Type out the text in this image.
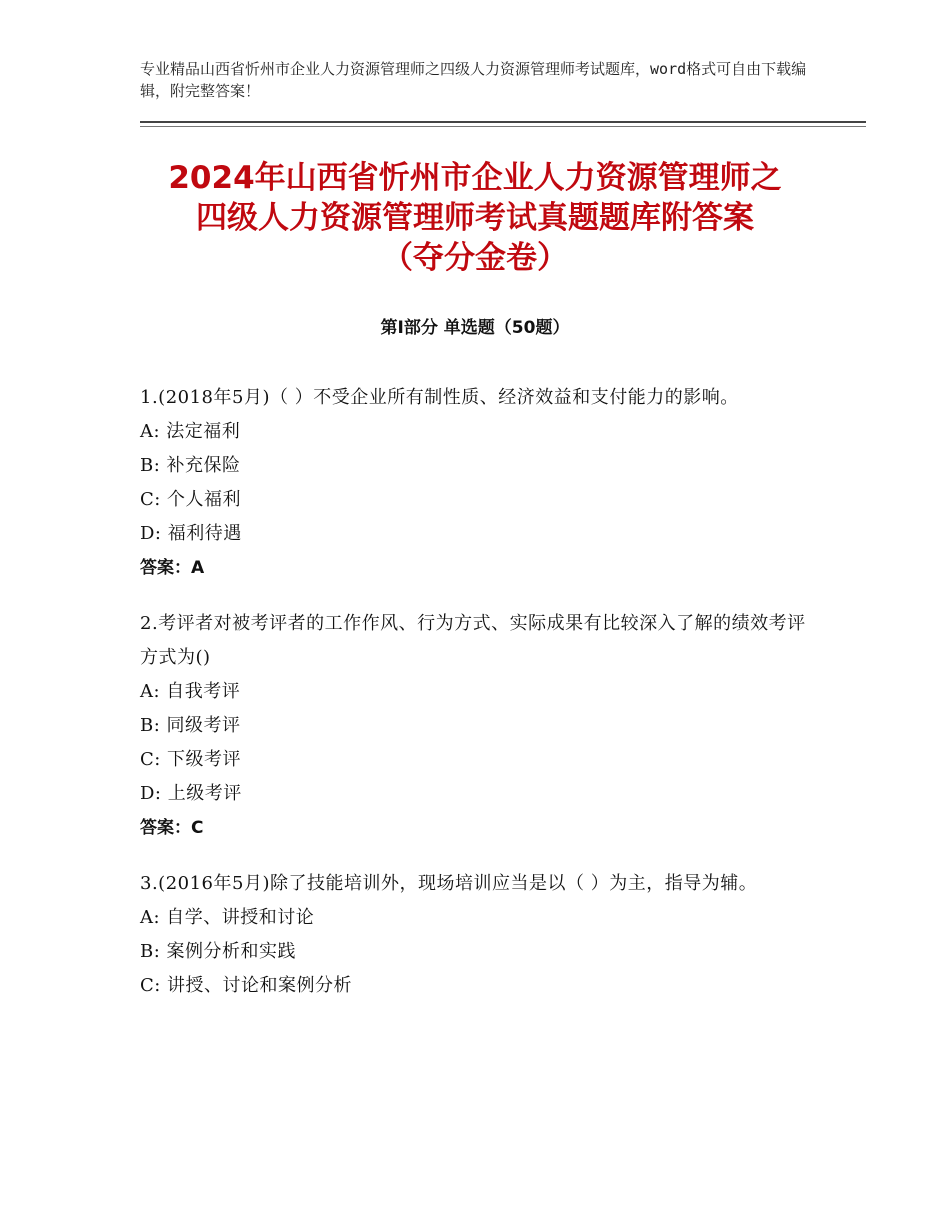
专业精品山西省忻州市企业人力资源管理师之四级人力资源管理师考试题库，word格式可自由下载编辑，附完整答案！
2024年山西省忻州市企业人力资源管理师之
四级人力资源管理师考试真题题库附答案
（夺分金卷）
第Ⅰ部分 单选题（50题）
1.(2018年5月)（ ）不受企业所有制性质、经济效益和支付能力的影响。
A: 法定福利
B: 补充保险
C: 个人福利
D: 福利待遇
答案：A
2.考评者对被考评者的工作作风、行为方式、实际成果有比较深入了解的绩效考评方式为()
A: 自我考评
B: 同级考评
C: 下级考评
D: 上级考评
答案：C
3.(2016年5月)除了技能培训外，现场培训应当是以（ ）为主，指导为辅。
A: 自学、讲授和讨论
B: 案例分析和实践
C: 讲授、讨论和案例分析
